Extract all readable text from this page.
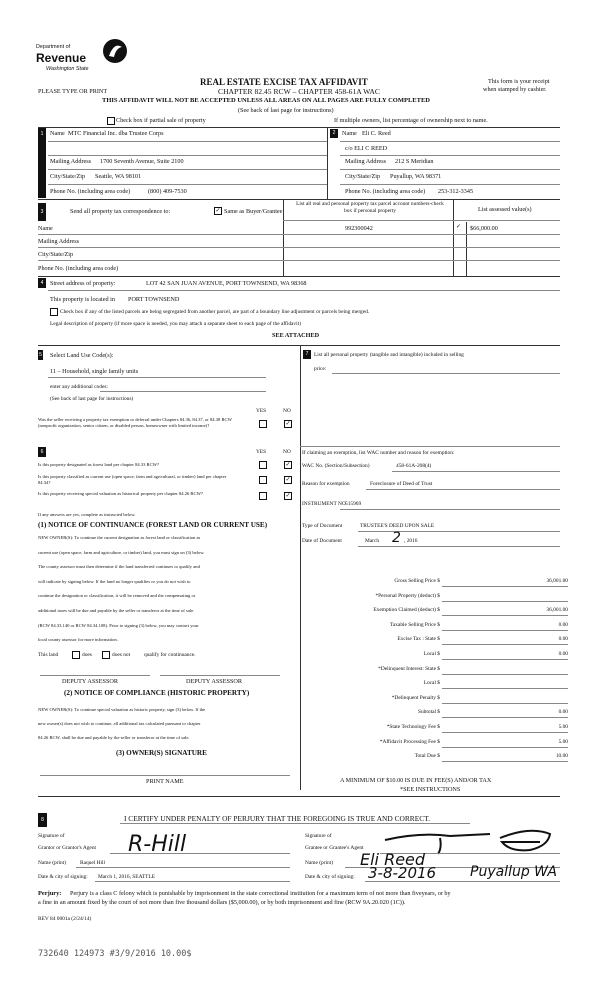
Department of
Revenue
Washington State
PLEASE TYPE OR PRINT
REAL ESTATE EXCISE TAX AFFIDAVIT
CHAPTER 82.45 RCW – CHAPTER 458-61A WAC
This form is your receipt
when stamped by cashier.
THIS AFFIDAVIT WILL NOT BE ACCEPTED UNLESS ALL AREAS ON ALL PAGES ARE FULLY COMPLETED
(See back of last page for instructions)
Check box if partial sale of property	If multiple owners, list percentage of ownership next to name.
1	2
Name MTC Financial Inc. dba Trustee Corps
Mailing Address 1700 Seventh Avenue, Suite 2100
City/State/Zip Seattle, WA 98101
Phone No. (including area code)	(800) 409-7530
Name Eli C. Reed
c/o ELI C REED
Mailing Address 212 S Meridian
City/State/Zip Puyallup, WA 98371
Phone No. (including area code) 253-312-3345
3	Send all property tax correspondence to:	✓ Same as Buyer/Grantee
List all real and personal property tax parcel account numbers-check box if personal property	List assessed value(s)
992300042	✓ $66,000.00
Name
Mailing Address
City/State/Zip
Phone No. (including area code)
4	Street address of property:	LOT 42 SAN JUAN AVENUE, PORT TOWNSEND, WA 98368
This property is located in PORT TOWNSEND
Check box if any of the listed parcels are being segregated from another parcel, are part of a boundary line adjustment or parcels being merged.
Legal description of property (if more space is needed, you may attach a separate sheet to each page of the affidavit)
SEE ATTACHED
5 Select Land Use Code(s):
11 – Household, single family units
enter any additional codes:
(See back of last page for instructions)
YES	NO
Was the seller receiving a property tax exemption or deferral under Chapters 84.36, 84.37, or 84.38 RCW (nonprofit organization, senior citizen, or disabled person, homeowner with limited income)?	✓
6	YES	NO
Is this property designated as forest land per chapter 84.33 RCW?	✓
Is this property classified as current use (open space, farm and agricultural, or timber) land per chapter 84.34?	✓
Is this property receiving special valuation as historical property per chapter 84.26 RCW?	✓
If any answers are yes, complete as instructed below.
(1) NOTICE OF CONTINUANCE (FOREST LAND OR CURRENT USE)
NEW OWNER(S): To continue the current designation as forest land or classification as
current use (open space, farm and agriculture, or timber) land, you must sign on (3) below.
The county assessor must then determine if the land transferred continues to qualify and
will indicate by signing below. If the land no longer qualifies or you do not wish to
continue the designation or classification, it will be removed and the compensating or
additional taxes will be due and payable by the seller or transferor at the time of sale.
(RCW 84.33.140 or RCW 84.34.108). Prior to signing (3) below, you may contact your
local county assessor for more information.
This land	does	does not	qualify for continuance.
DEPUTY ASSESSOR	DEPUTY ASSESSOR
(2) NOTICE OF COMPLIANCE (HISTORIC PROPERTY)
NEW OWNER(S): To continue special valuation as historic property, sign (3) below. If the
new owner(s) does not wish to continue, all additional tax calculated pursuant to chapter
84.26 RCW, shall be due and payable by the seller or transferor at the time of sale.
(3) OWNER(S) SIGNATURE
PRINT NAME
7	List all personal property (tangible and intangible) included in selling
price:
If claiming an exemption, list WAC number and reason for exemption:
WAC No. (Section/Subsection)	458-61A-208(4)
Reason for exemption	Foreclosure of Deed of Trust
INSTRUMENT NO 515969
Type of Document	TRUSTEE'S DEED UPON SALE
Date of Document	March 2 , 2016
Gross Selling Price $	36,001.00
*Personal Property (deduct) $
Exemption Claimed (deduct) $	36,001.00
Taxable Selling Price $	0.00
Excise Tax : State $	0.00
Local $	0.00
*Delinquent Interest: State $
Local $
*Delinquent Penalty $
Subtotal $	0.00
*State Technology Fee $	5.00
*Affidavit Processing Fee $	5.00
Total Due $	10.00
A MINIMUM OF $10.00 IS DUE IN FEE(S) AND/OR TAX
*SEE INSTRUCTIONS
8	I CERTIFY UNDER PENALTY OF PERJURY THAT THE FOREGOING IS TRUE AND CORRECT.
Signature of
Grantor or Grantor's Agent R-Hill
Name (print)	Raquel Hill
Date & city of signing: March 1, 2016, SEATTLE
Signature of
Grantee or Grantee's Agent
Name (print) Eli Reed
Date & city of signing: 3-8-2016 Puyallup WA
Perjury: Perjury is a class C felony which is punishable by imprisonment in the state correctional institution for a maximum term of not more than fiveyears, or by
a fine in an amount fixed by the court of not more than five thousand dollars ($5,000.00), or by both imprisonment and fine (RCW 9A.20.020 (1C)).
REV 84 0001a (2/24/14)
732640 124973 #3/9/2016 10.00$
